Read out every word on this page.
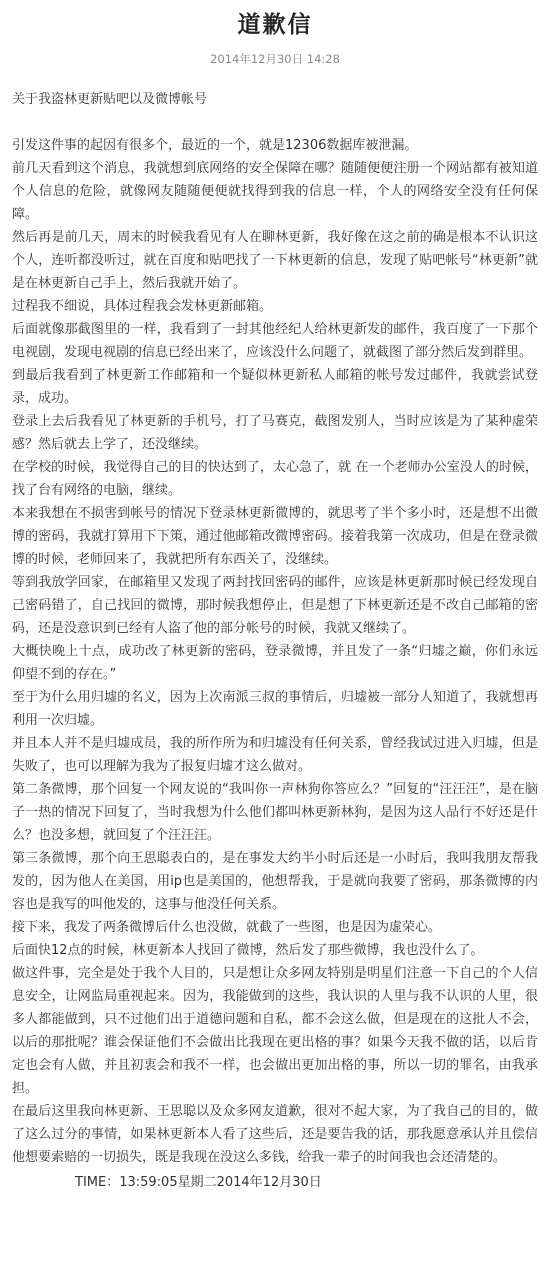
道歉信
2014年12月30日 14:28
关于我盗林更新贴吧以及微博帐号

引发这件事的起因有很多个，最近的一个，就是12306数据库被泄漏。

前几天看到这个消息，我就想到底网络的安全保障在哪？随随便便注册一个网站都有被知道个人信息的危险，就像网友随随便便就找得到我的信息一样，个人的网络安全没有任何保障。

然后再是前几天，周末的时候我看见有人在聊林更新，我好像在这之前的确是根本不认识这个人，连听都没听过，就在百度和贴吧找了一下林更新的信息，发现了贴吧帐号“林更新”就是在林更新自己手上，然后我就开始了。

过程我不细说，具体过程我会发林更新邮箱。

后面就像那截图里的一样，我看到了一封其他经纪人给林更新发的邮件，我百度了一下那个电视剧，发现电视剧的信息已经出来了，应该没什么问题了，就截图了部分然后发到群里。

到最后我看到了林更新工作邮箱和一个疑似林更新私人邮箱的帐号发过邮件，我就尝试登录，成功。

登录上去后我看见了林更新的手机号，打了马赛克，截图发别人，当时应该是为了某种虚荣感？然后就去上学了，还没继续。

在学校的时候，我觉得自己的目的快达到了，太心急了，就 在一个老师办公室没人的时候，找了台有网络的电脑，继续。

本来我想在不损害到帐号的情况下登录林更新微博的，就思考了半个多小时，还是想不出微博的密码，我就打算用下下策，通过他邮箱改微博密码。接着我第一次成功，但是在登录微博的时候，老师回来了，我就把所有东西关了，没继续。

等到我放学回家，在邮箱里又发现了两封找回密码的邮件，应该是林更新那时候已经发现自己密码错了，自己找回的微博，那时候我想停止，但是想了下林更新还是不改自己邮箱的密码，还是没意识到已经有人盗了他的部分帐号的时候，我就又继续了。

大概快晚上十点，成功改了林更新的密码，登录微博，并且发了一条“归墟之巅，你们永远仰望不到的存在。”

至于为什么用归墟的名义，因为上次南派三叔的事情后，归墟被一部分人知道了，我就想再利用一次归墟。

并且本人并不是归墟成员，我的所作所为和归墟没有任何关系，曾经我试过进入归墟，但是失败了，也可以理解为我为了报复归墟才这么做对。

第二条微博，那个回复一个网友说的“我叫你一声林狗你答应么？”回复的“汪汪汪”，是在脑子一热的情况下回复了，当时我想为什么他们都叫林更新林狗，是因为这人品行不好还是什么？也没多想，就回复了个汪汪汪。

第三条微博，那个向王思聪表白的，是在事发大约半小时后还是一小时后，我叫我朋友帮我发的，因为他人在美国，用ip也是美国的，他想帮我，于是就向我要了密码，那条微博的内容也是我写的叫他发的，这事与他没任何关系。

接下来，我发了两条微博后什么也没做，就截了一些图，也是因为虚荣心。

后面快12点的时候，林更新本人找回了微博，然后发了那些微博，我也没什么了。

做这件事，完全是处于我个人目的，只是想让众多网友特别是明星们注意一下自己的个人信息安全，让网监局重视起来。因为，我能做到的这些，我认识的人里与我不认识的人里，很多人都能做到，只不过他们出于道德问题和自私，都不会这么做，但是现在的这批人不会，以后的那批呢？谁会保证他们不会做出比我现在更出格的事？如果今天我不做的话，以后肯定也会有人做，并且初衷会和我不一样，也会做出更加出格的事，所以一切的罪名，由我承担。

在最后这里我向林更新、王思聪以及众多网友道歉，很对不起大家，为了我自己的目的，做了这么过分的事情，如果林更新本人看了这些后，还是要告我的话，那我愿意承认并且偿信他想要索赔的一切损失，既是我现在没这么多钱，给我一辈子的时间我也会还清楚的。

TIME：13:59:05星期二2014年12月30日
